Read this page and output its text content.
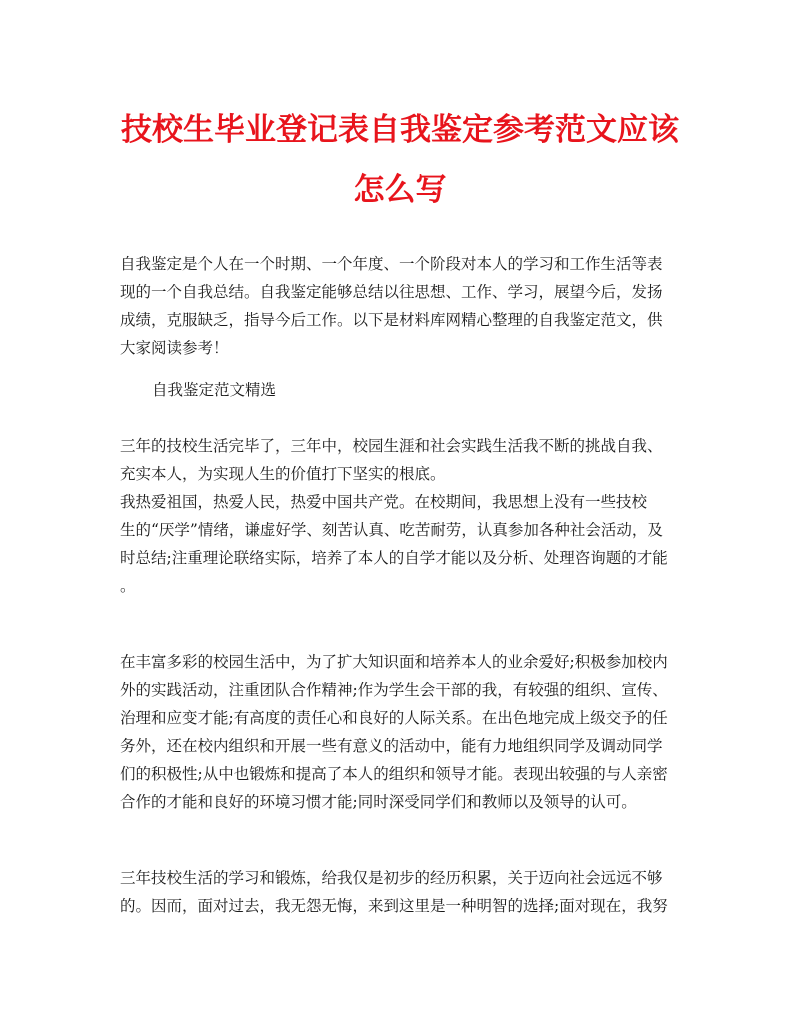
技校生毕业登记表自我鉴定参考范文应该
怎么写
自我鉴定是个人在一个时期、一个年度、一个阶段对本人的学习和工作生活等表
现的一个自我总结。自我鉴定能够总结以往思想、工作、学习，展望今后，发扬
成绩，克服缺乏，指导今后工作。以下是材料库网精心整理的自我鉴定范文，供
大家阅读参考！
自我鉴定范文精选
三年的技校生活完毕了，三年中，校园生涯和社会实践生活我不断的挑战自我、
充实本人，为实现人生的价值打下坚实的根底。
我热爱祖国，热爱人民，热爱中国共产党。在校期间，我思想上没有一些技校
生的“厌学”情绪，谦虚好学、刻苦认真、吃苦耐劳，认真参加各种社会活动，及
时总结;注重理论联络实际，培养了本人的自学才能以及分析、处理咨询题的才能
。
在丰富多彩的校园生活中，为了扩大知识面和培养本人的业余爱好;积极参加校内
外的实践活动，注重团队合作精神;作为学生会干部的我，有较强的组织、宣传、
治理和应变才能;有高度的责任心和良好的人际关系。在出色地完成上级交予的任
务外，还在校内组织和开展一些有意义的活动中，能有力地组织同学及调动同学
们的积极性;从中也锻炼和提高了本人的组织和领导才能。表现出较强的与人亲密
合作的才能和良好的环境习惯才能;同时深受同学们和教师以及领导的认可。
三年技校生活的学习和锻炼，给我仅是初步的经历积累，关于迈向社会远远不够
的。因而，面对过去，我无怨无悔，来到这里是一种明智的选择;面对现在，我努
